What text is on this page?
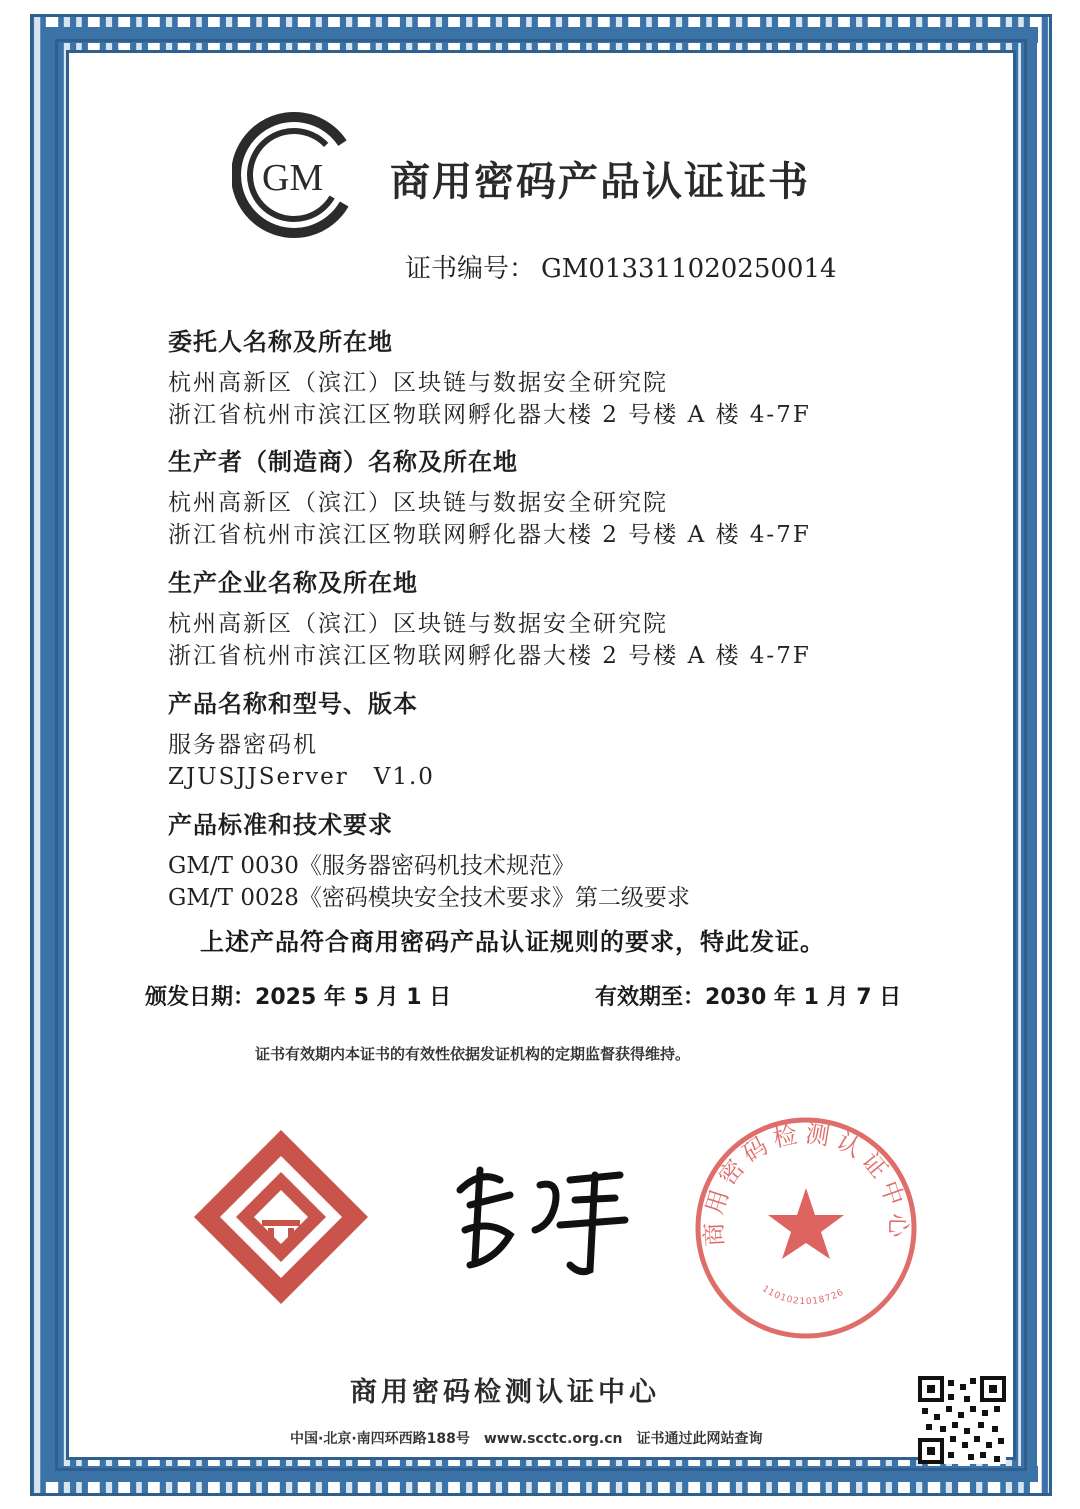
GM 商用密码产品认证证书
证书编号： GM013311020250014
委托人名称及所在地
杭州高新区（滨江）区块链与数据安全研究院
浙江省杭州市滨江区物联网孵化器大楼 2 号楼 A 楼 4-7F
生产者（制造商）名称及所在地
杭州高新区（滨江）区块链与数据安全研究院
浙江省杭州市滨江区物联网孵化器大楼 2 号楼 A 楼 4-7F
生产企业名称及所在地
杭州高新区（滨江）区块链与数据安全研究院
浙江省杭州市滨江区物联网孵化器大楼 2 号楼 A 楼 4-7F
产品名称和型号、版本
服务器密码机
ZJUSJJServer　V1.0
产品标准和技术要求
GM/T 0030《服务器密码机技术规范》
GM/T 0028《密码模块安全技术要求》第二级要求
上述产品符合商用密码产品认证规则的要求，特此发证。
颁发日期：2025 年 5 月 1 日	有效期至：2030 年 1 月 7 日
证书有效期内本证书的有效性依据发证机构的定期监督获得维持。
商用密码检测认证中心
1101021018726
商用密码检测认证中心
中国·北京·南四环西路188号 www.scctc.org.cn 证书通过此网站查询
